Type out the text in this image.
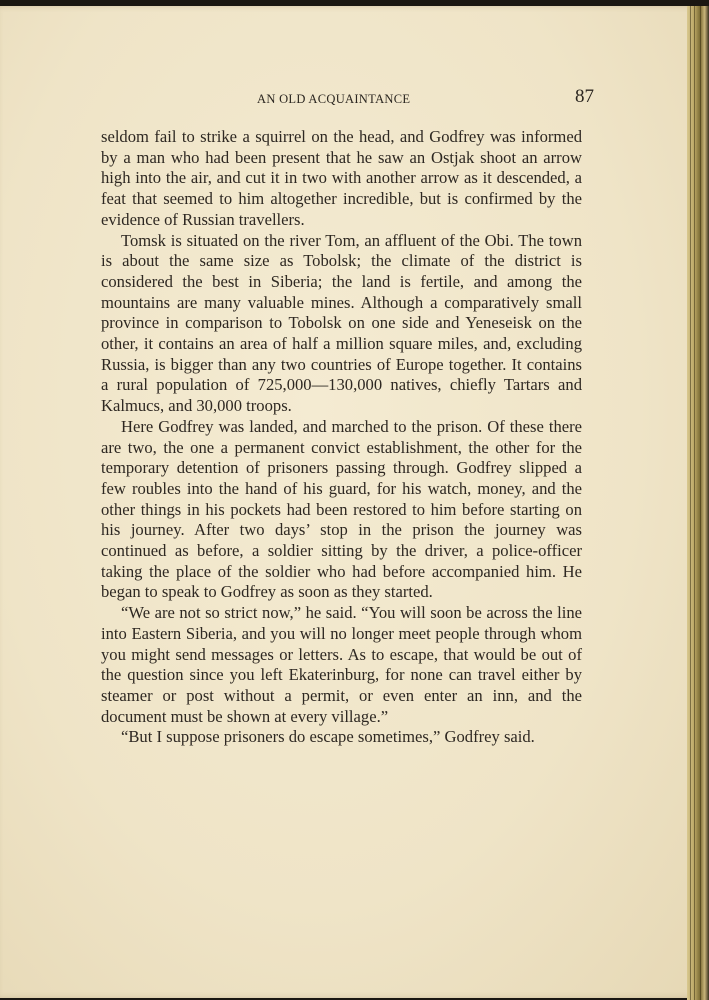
AN OLD ACQUAINTANCE	87

seldom fail to strike a squirrel on the head, and Godfrey was informed by a man who had been present that he saw an Ostjak shoot an arrow high into the air, and cut it in two with another arrow as it descended, a feat that seemed to him altogether incredible, but is confirmed by the evidence of Russian travellers.

Tomsk is situated on the river Tom, an affluent of the Obi. The town is about the same size as Tobolsk; the climate of the district is considered the best in Siberia; the land is fertile, and among the mountains are many valuable mines. Although a comparatively small province in comparison to Tobolsk on one side and Yeneseisk on the other, it contains an area of half a million square miles, and, excluding Russia, is bigger than any two countries of Europe together. It contains a rural population of 725,000—130,000 natives, chiefly Tartars and Kalmucs, and 30,000 troops.

Here Godfrey was landed, and marched to the prison. Of these there are two, the one a permanent convict establishment, the other for the temporary detention of prisoners passing through. Godfrey slipped a few roubles into the hand of his guard, for his watch, money, and the other things in his pockets had been restored to him before starting on his journey. After two days’ stop in the prison the journey was continued as before, a soldier sitting by the driver, a police-officer taking the place of the soldier who had before accompanied him. He began to speak to Godfrey as soon as they started.

“We are not so strict now,” he said. “You will soon be across the line into Eastern Siberia, and you will no longer meet people through whom you might send messages or letters. As to escape, that would be out of the question since you left Ekaterinburg, for none can travel either by steamer or post without a permit, or even enter an inn, and the document must be shown at every village.”

“But I suppose prisoners do escape sometimes,” Godfrey said.
